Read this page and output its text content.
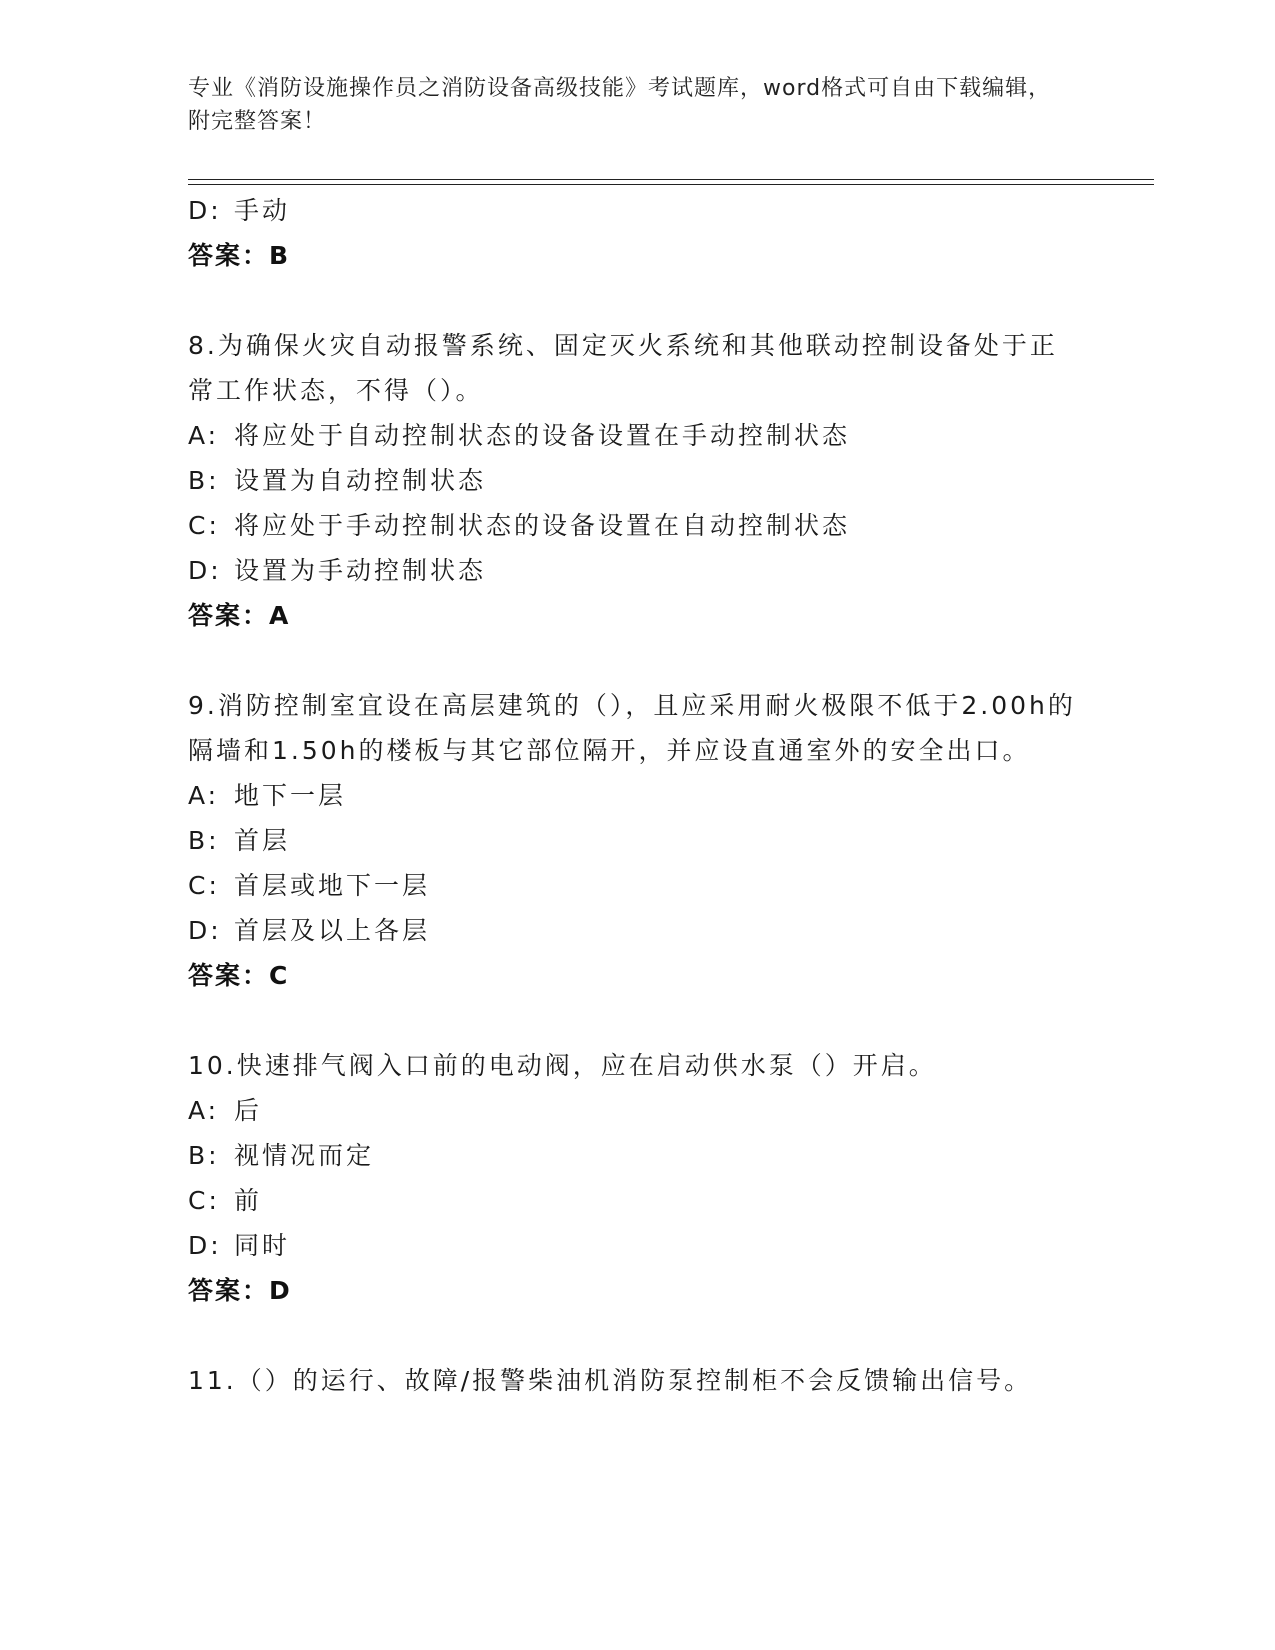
专业《消防设施操作员之消防设备高级技能》考试题库，word格式可自由下载编辑，附完整答案！
D: 手动
答案：B
8.为确保火灾自动报警系统、固定灭火系统和其他联动控制设备处于正常工作状态，不得（）。
A: 将应处于自动控制状态的设备设置在手动控制状态
B: 设置为自动控制状态
C: 将应处于手动控制状态的设备设置在自动控制状态
D: 设置为手动控制状态
答案：A
9.消防控制室宜设在高层建筑的（），且应采用耐火极限不低于2.00h的隔墙和1.50h的楼板与其它部位隔开，并应设直通室外的安全出口。
A: 地下一层
B: 首层
C: 首层或地下一层
D: 首层及以上各层
答案：C
10.快速排气阀入口前的电动阀，应在启动供水泵（）开启。
A: 后
B: 视情况而定
C: 前
D: 同时
答案：D
11.（）的运行、故障/报警柴油机消防泵控制柜不会反馈输出信号。
